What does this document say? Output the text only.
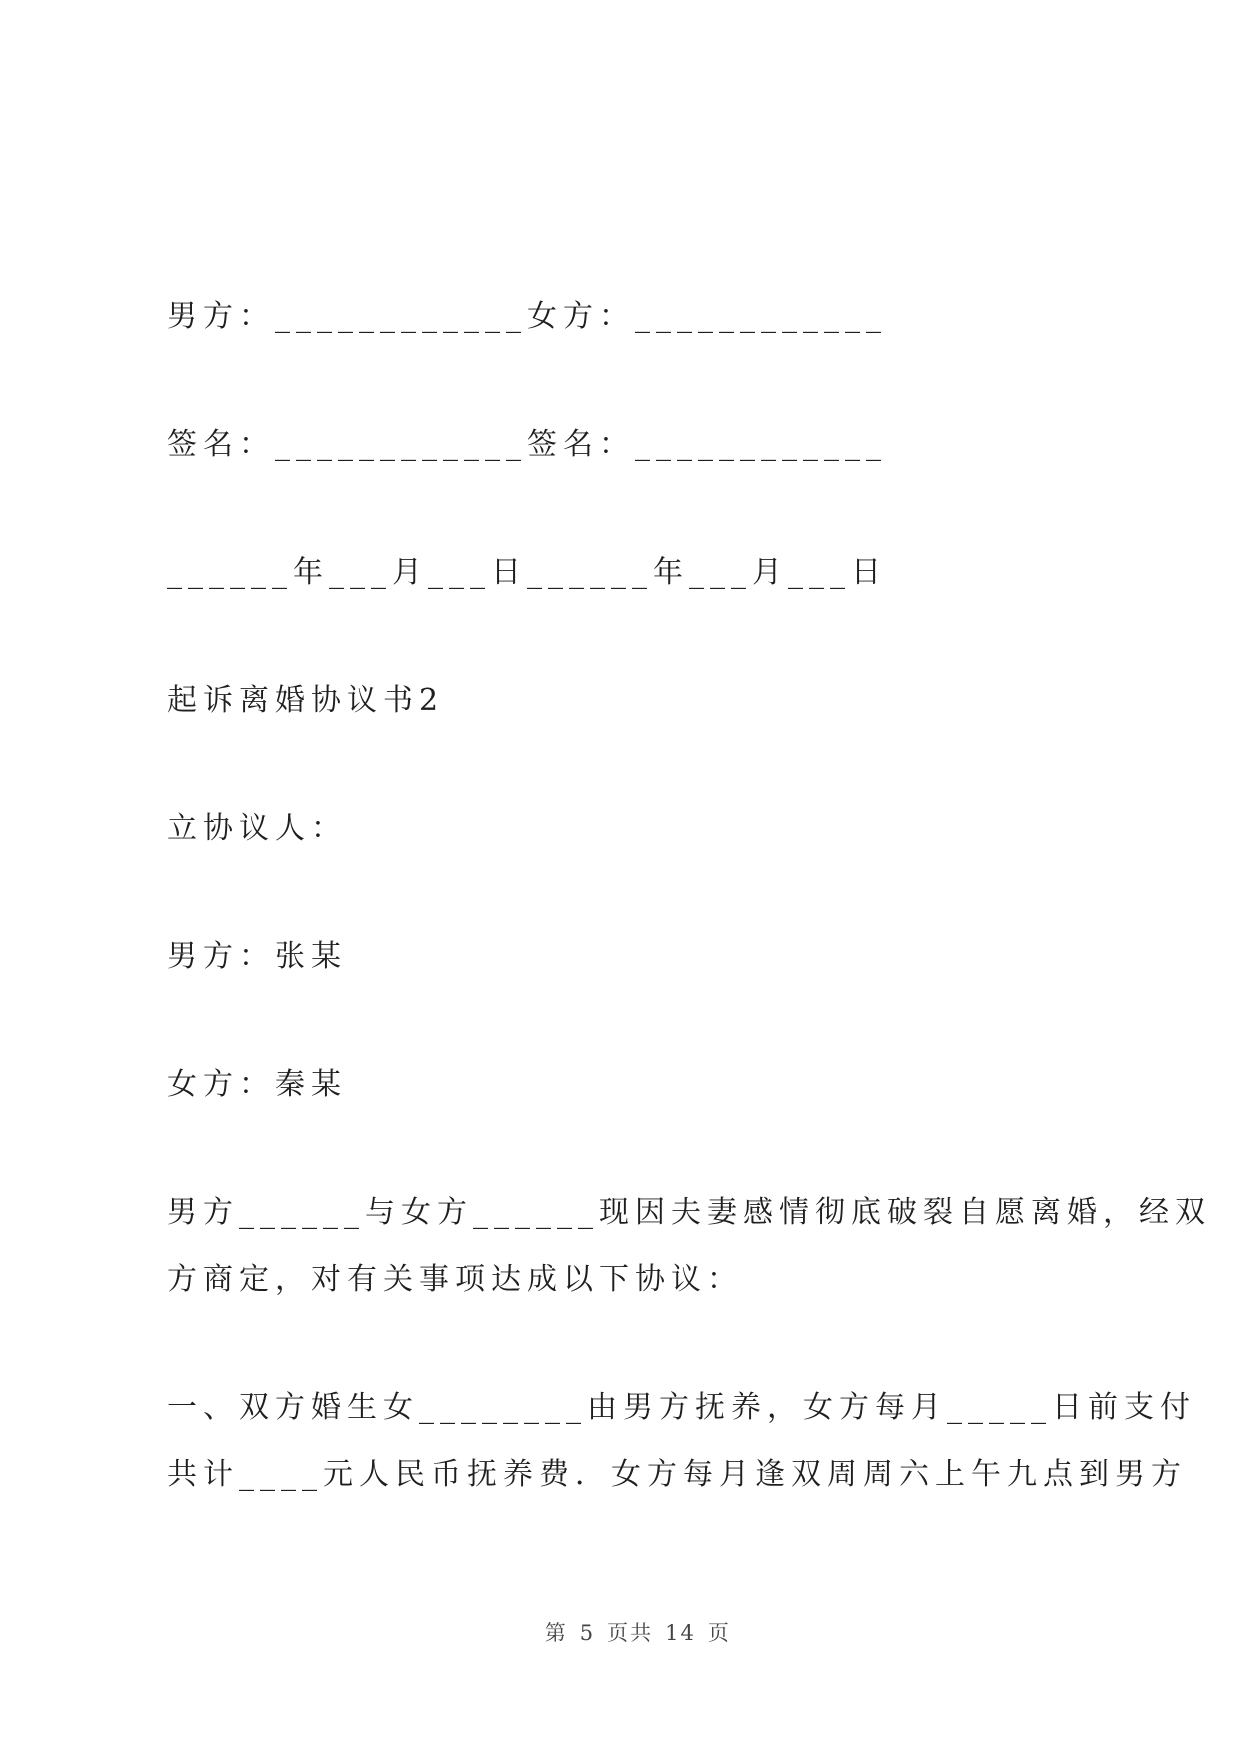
男方：____________女方：____________
签名：____________签名：____________
______年___月___日______年___月___日
起诉离婚协议书2
立协议人：
男方：张某
女方：秦某
男方______与女方______现因夫妻感情彻底破裂自愿离婚，经双
方商定，对有关事项达成以下协议：
一、双方婚生女________由男方抚养，女方每月_____日前支付
共计____元人民币抚养费．女方每月逢双周周六上午九点到男方

第 5 页共 14 页
